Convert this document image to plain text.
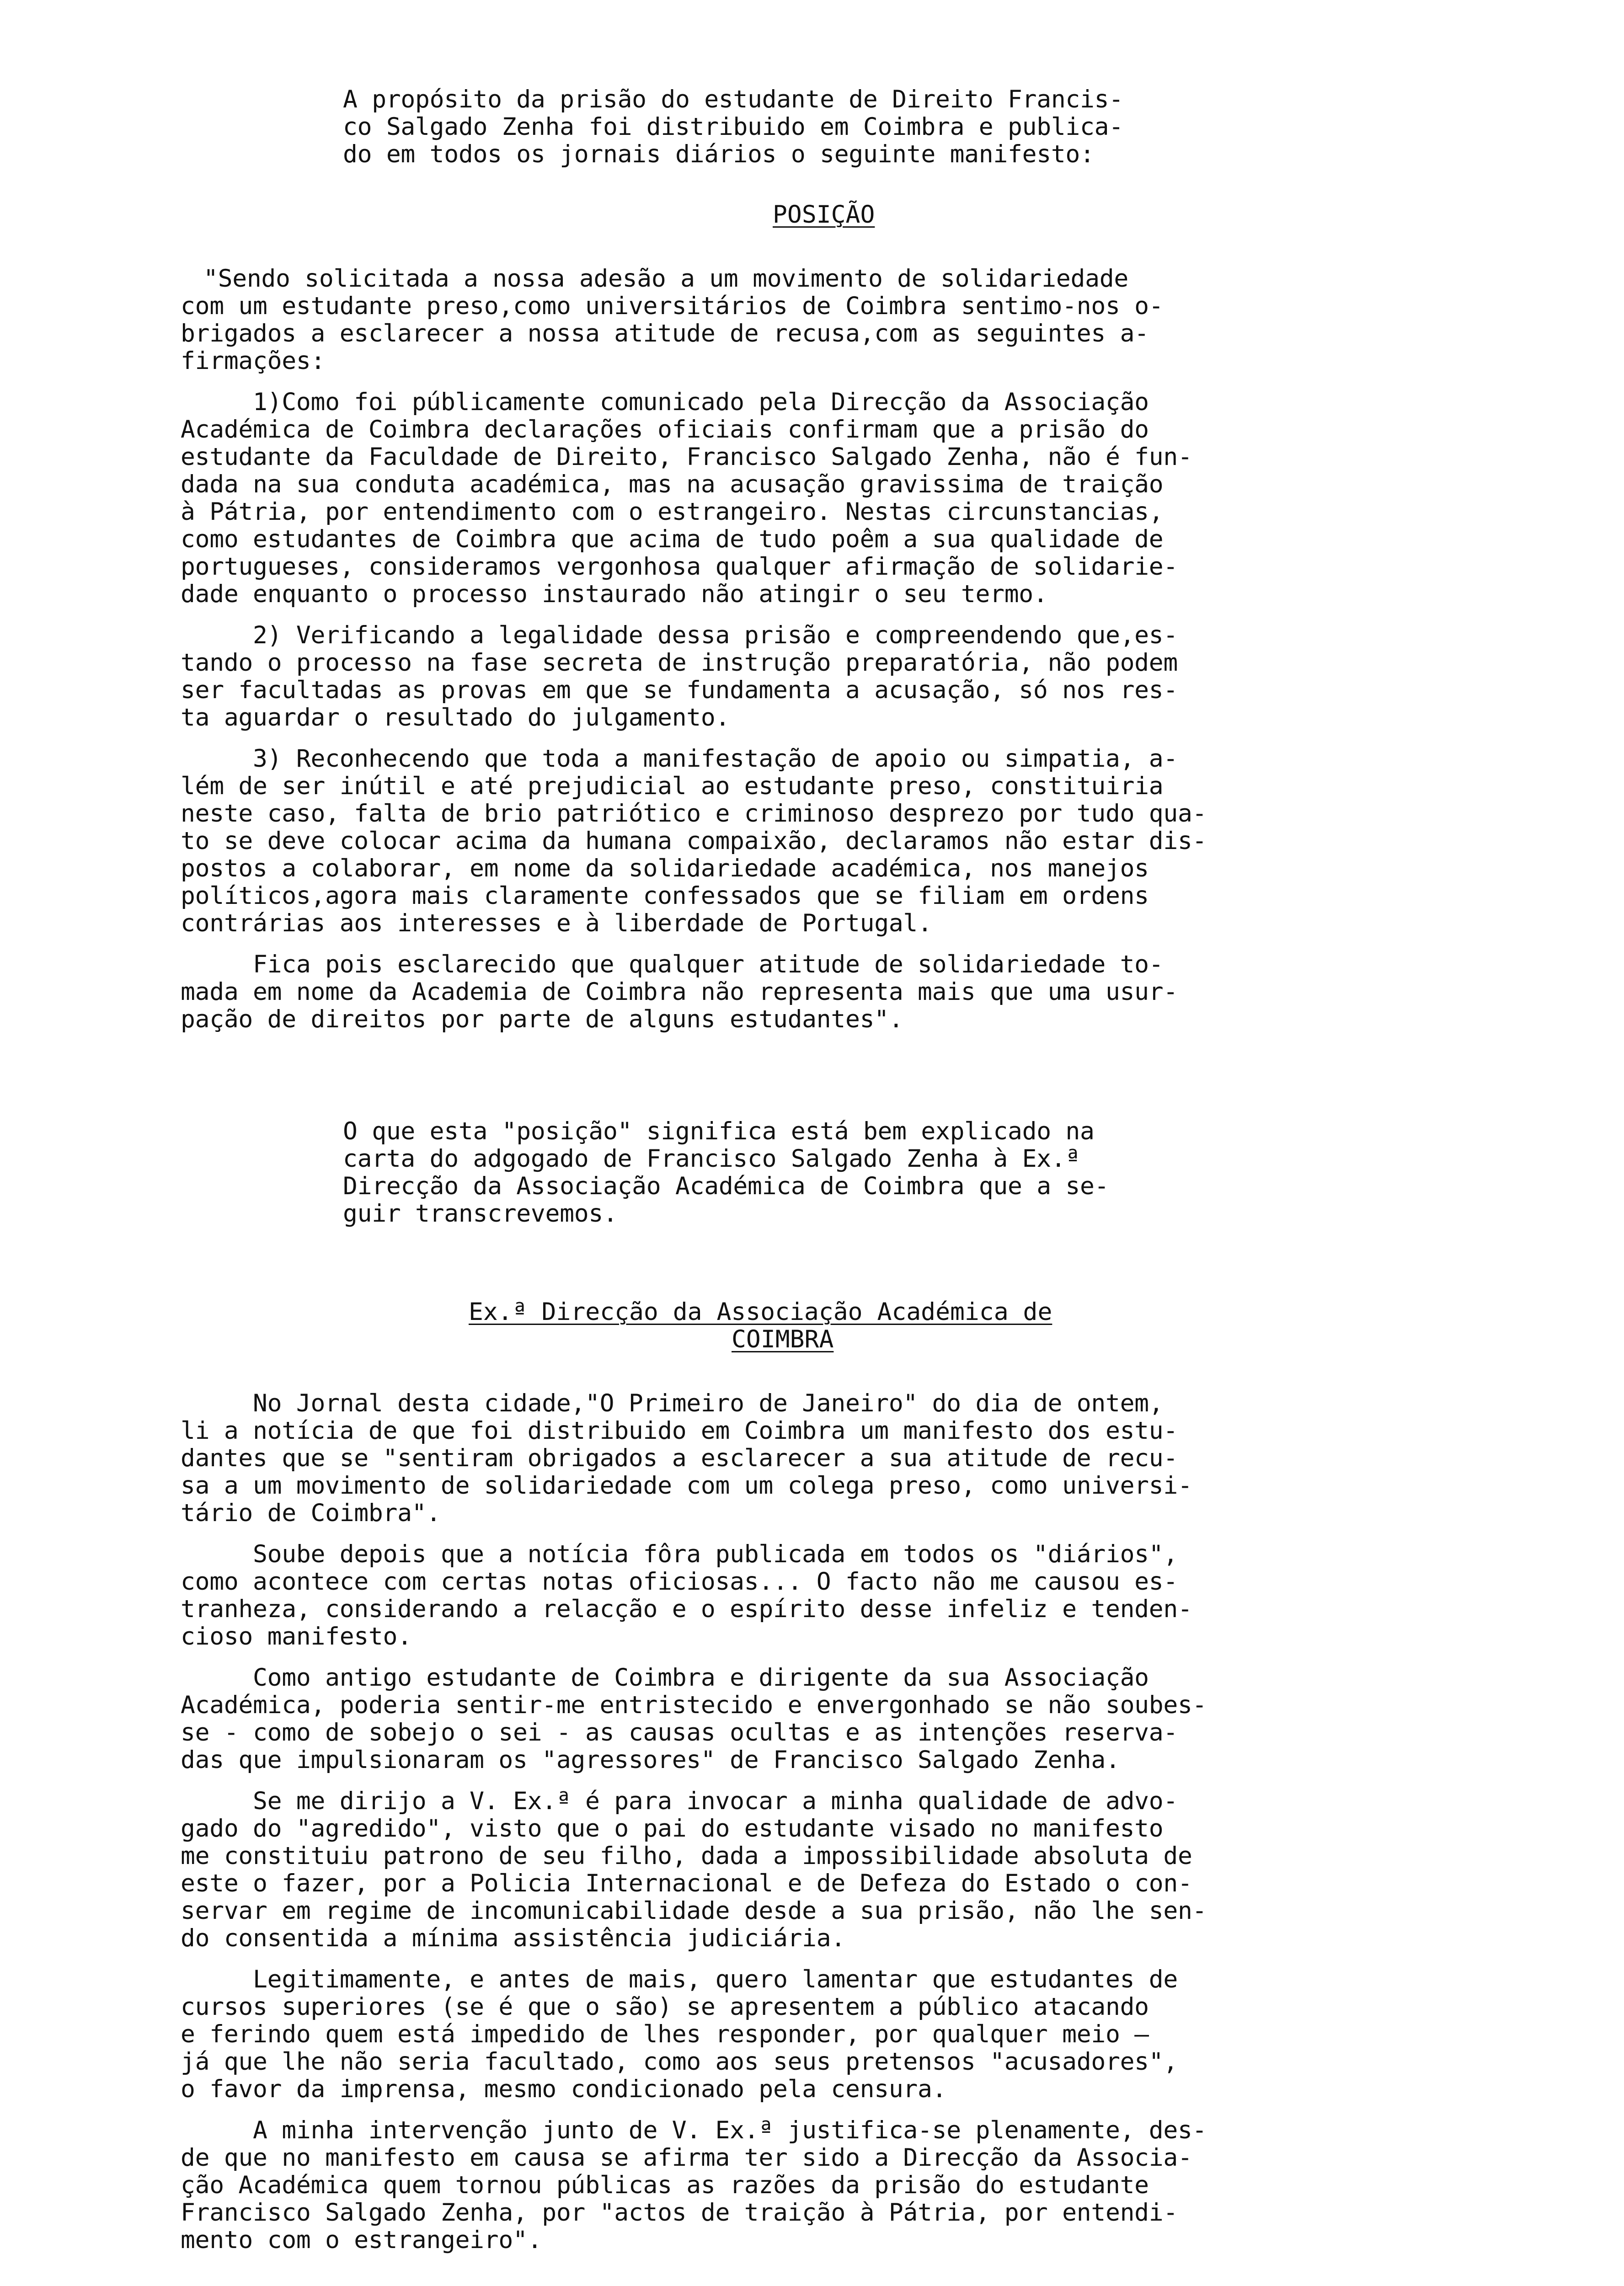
A propósito da prisão do estudante de Direito Francis-

co Salgado Zenha foi distribuido em Coimbra e publica-

do em todos os jornais diários o seguinte manifesto:

POSIÇÃO

"Sendo solicitada a nossa adesão a um movimento de solidariedade

com um estudante preso,como universitários de Coimbra sentimo-nos o-

brigados a esclarecer a nossa atitude de recusa,com as seguintes a-

firmações:

1)Como foi públicamente comunicado pela Direcção da Associação

Académica de Coimbra declarações oficiais confirmam que a prisão do

estudante da Faculdade de Direito, Francisco Salgado Zenha, não é fun-

dada na sua conduta académica, mas na acusação gravissima de traição

à Pátria, por entendimento com o estrangeiro. Nestas circunstancias,

como estudantes de Coimbra que acima de tudo poêm a sua qualidade de

portugueses, consideramos vergonhosa qualquer afirmação de solidarie-

dade enquanto o processo instaurado não atingir o seu termo.

2) Verificando a legalidade dessa prisão e compreendendo que,es-

tando o processo na fase secreta de instrução preparatória, não podem

ser facultadas as provas em que se fundamenta a acusação, só nos res-

ta aguardar o resultado do julgamento.

3) Reconhecendo que toda a manifestação de apoio ou simpatia, a-

lém de ser inútil e até prejudicial ao estudante preso, constituiria

neste caso, falta de brio patriótico e criminoso desprezo por tudo qua-

to se deve colocar acima da humana compaixão, declaramos não estar dis-

postos a colaborar, em nome da solidariedade académica, nos manejos

políticos,agora mais claramente confessados que se filiam em ordens

contrárias aos interesses e à liberdade de Portugal.

Fica pois esclarecido que qualquer atitude de solidariedade to-

mada em nome da Academia de Coimbra não representa mais que uma usur-

pação de direitos por parte de alguns estudantes".

O que esta "posição" significa está bem explicado na

carta do adgogado de Francisco Salgado Zenha à Ex.ª

Direcção da Associação Académica de Coimbra que a se-

guir transcrevemos.

Ex.ª Direcção da Associação Académica de

COIMBRA

No Jornal desta cidade,"O Primeiro de Janeiro" do dia de ontem,

li a notícia de que foi distribuido em Coimbra um manifesto dos estu-

dantes que se "sentiram obrigados a esclarecer a sua atitude de recu-

sa a um movimento de solidariedade com um colega preso, como universi-

tário de Coimbra".

Soube depois que a notícia fôra publicada em todos os "diários",

como acontece com certas notas oficiosas... O facto não me causou es-

tranheza, considerando a relacção e o espírito desse infeliz e tenden-

cioso manifesto.

Como antigo estudante de Coimbra e dirigente da sua Associação

Académica, poderia sentir-me entristecido e envergonhado se não soubes-

se - como de sobejo o sei - as causas ocultas e as intenções reserva-

das que impulsionaram os "agressores" de Francisco Salgado Zenha.

Se me dirijo a V. Ex.ª é para invocar a minha qualidade de advo-

gado do "agredido", visto que o pai do estudante visado no manifesto

me constituiu patrono de seu filho, dada a impossibilidade absoluta de

este o fazer, por a Policia Internacional e de Defeza do Estado o con-

servar em regime de incomunicabilidade desde a sua prisão, não lhe sen-

do consentida a mínima assistência judiciária.

Legitimamente, e antes de mais, quero lamentar que estudantes de

cursos superiores (se é que o são) se apresentem a público atacando

e ferindo quem está impedido de lhes responder, por qualquer meio —

já que lhe não seria facultado, como aos seus pretensos "acusadores",

o favor da imprensa, mesmo condicionado pela censura.

A minha intervenção junto de V. Ex.ª justifica-se plenamente, des-

de que no manifesto em causa se afirma ter sido a Direcção da Associa-

ção Académica quem tornou públicas as razões da prisão do estudante

Francisco Salgado Zenha, por "actos de traição à Pátria, por entendi-

mento com o estrangeiro".
